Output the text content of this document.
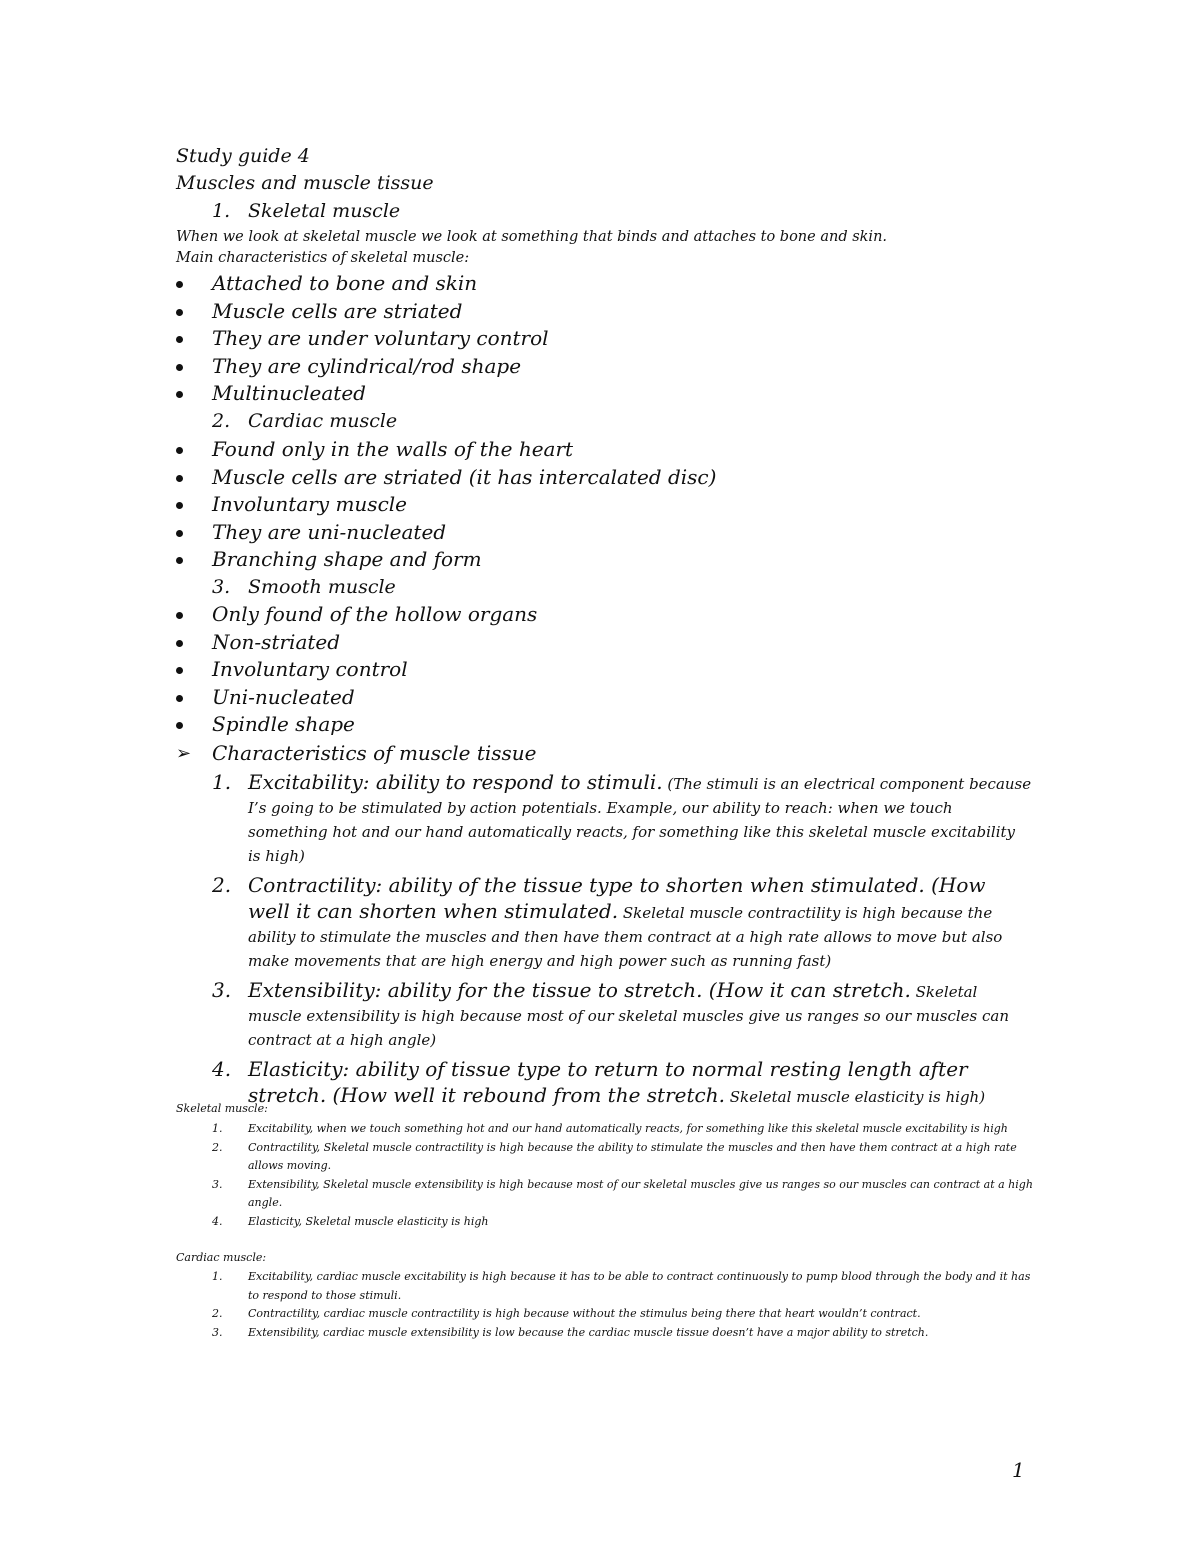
Study guide 4
Muscles and muscle tissue
1. Skeletal muscle
When we look at skeletal muscle we look at something that binds and attaches to bone and skin.
Main characteristics of skeletal muscle:
Attached to bone and skin
Muscle cells are striated
They are under voluntary control
They are cylindrical/rod shape
Multinucleated
2. Cardiac muscle
Found only in the walls of the heart
Muscle cells are striated (it has intercalated disc)
Involuntary muscle
They are uni-nucleated
Branching shape and form
3. Smooth muscle
Only found of the hollow organs
Non-striated
Involuntary control
Uni-nucleated
Spindle shape
➢ Characteristics of muscle tissue
1. Excitability: ability to respond to stimuli. (The stimuli is an electrical component because I’s going to be stimulated by action potentials. Example, our ability to reach: when we touch something hot and our hand automatically reacts, for something like this skeletal muscle excitability is high)
2. Contractility: ability of the tissue type to shorten when stimulated. (How well it can shorten when stimulated. Skeletal muscle contractility is high because the ability to stimulate the muscles and then have them contract at a high rate allows to move but also make movements that are high energy and high power such as running fast)
3. Extensibility: ability for the tissue to stretch. (How it can stretch. Skeletal muscle extensibility is high because most of our skeletal muscles give us ranges so our muscles can contract at a high angle)
4. Elasticity: ability of tissue type to return to normal resting length after stretch. (How well it rebound from the stretch. Skeletal muscle elasticity is high)
Skeletal muscle:
1. Excitability, when we touch something hot and our hand automatically reacts, for something like this skeletal muscle excitability is high
2. Contractility, Skeletal muscle contractility is high because the ability to stimulate the muscles and then have them contract at a high rate allows moving.
3. Extensibility, Skeletal muscle extensibility is high because most of our skeletal muscles give us ranges so our muscles can contract at a high angle.
4. Elasticity, Skeletal muscle elasticity is high
Cardiac muscle:
1. Excitability, cardiac muscle excitability is high because it has to be able to contract continuously to pump blood through the body and it has to respond to those stimuli.
2. Contractility, cardiac muscle contractility is high because without the stimulus being there that heart wouldn’t contract.
3. Extensibility, cardiac muscle extensibility is low because the cardiac muscle tissue doesn’t have a major ability to stretch.
1
